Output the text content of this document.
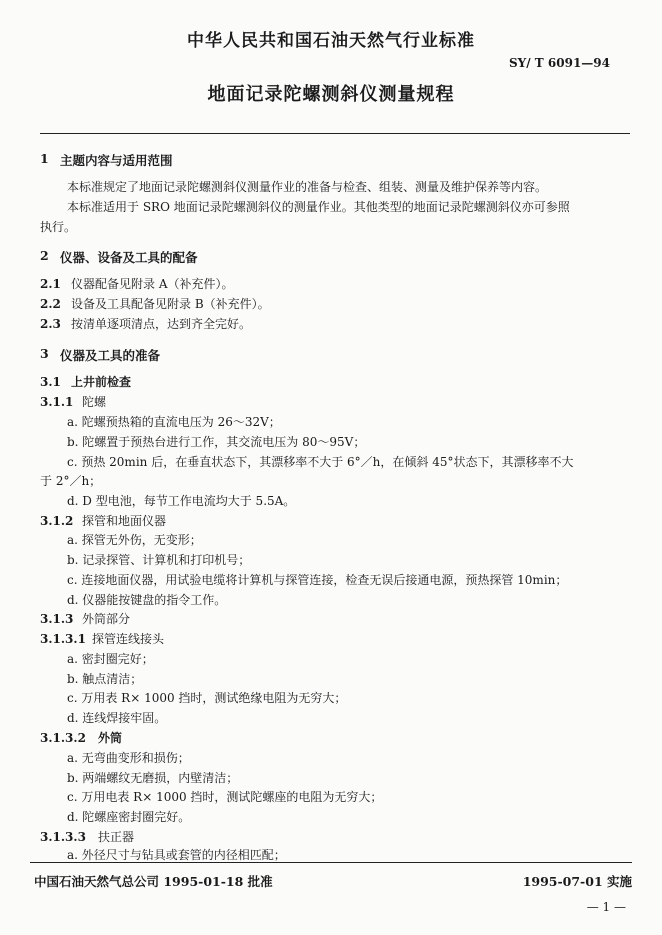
中华人民共和国石油天然气行业标准
SY/ T 6091—94
地面记录陀螺测斜仪测量规程
1 主题内容与适用范围
本标准规定了地面记录陀螺测斜仪测量作业的准备与检查、组装、测量及维护保养等内容。
本标准适用于 SRO 地面记录陀螺测斜仪的测量作业。其他类型的地面记录陀螺测斜仪亦可参照
执行。
2 仪器、设备及工具的配备
2.1 仪器配备见附录 A（补充件）。
2.2 设备及工具配备见附录 B（补充件）。
2.3 按清单逐项清点，达到齐全完好。
3 仪器及工具的准备
3.1 上井前检查
3.1.1 陀螺
a. 陀螺预热箱的直流电压为 26～32V；
b. 陀螺置于预热台进行工作，其交流电压为 80～95V；
c. 预热 20min 后，在垂直状态下，其漂移率不大于 6°／h，在倾斜 45°状态下，其漂移率不大
于 2°／h；
d. D 型电池，每节工作电流均大于 5.5A。
3.1.2 探管和地面仪器
a. 探管无外伤，无变形；
b. 记录探管、计算机和打印机号；
c. 连接地面仪器，用试验电缆将计算机与探管连接，检查无误后接通电源，预热探管 10min；
d. 仪器能按键盘的指令工作。
3.1.3 外筒部分
3.1.3.1 探管连线接头
a. 密封圈完好；
b. 触点清洁；
c. 万用表 R× 1000 挡时，测试绝缘电阻为无穷大；
d. 连线焊接牢固。
3.1.3.2 外筒
a. 无弯曲变形和损伤；
b. 两端螺纹无磨损，内壁清洁；
c. 万用电表 R× 1000 挡时，测试陀螺座的电阻为无穷大；
d. 陀螺座密封圈完好。
3.1.3.3 扶正器
a. 外径尺寸与钻具或套管的内径相匹配；
中国石油天然气总公司 1995-01-18 批准	1995-07-01 实施
— 1 —
